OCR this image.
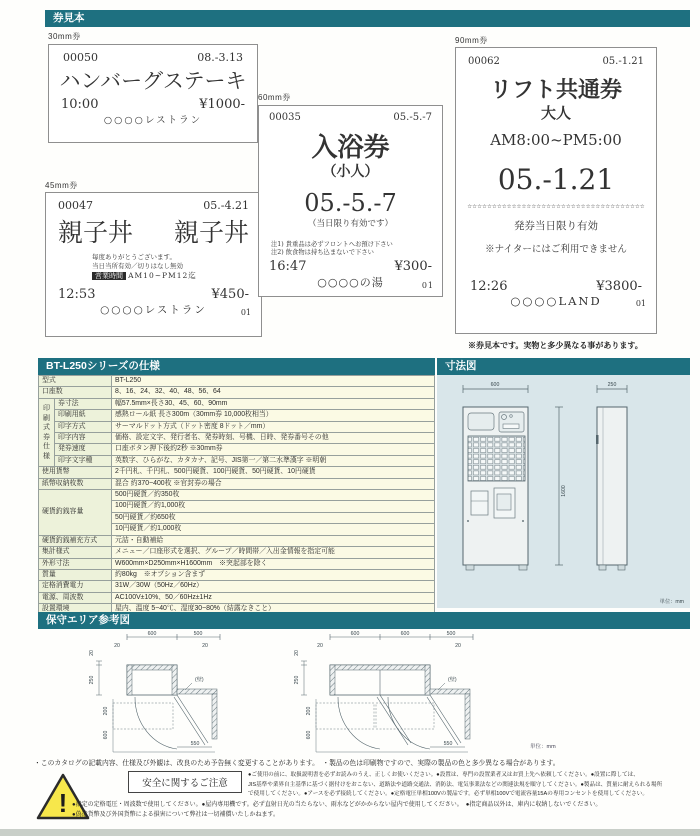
券見本
30mm券
00050	08.-3.13
ハンバーグステーキ
10:00	¥1000-
○○○○レストラン
45mm券
00047	05.-4.21
親子丼 親子丼
毎度ありがとうございます。
当日当所有効／切りはなし無効
営業時間 AM10~PM12迄
12:53	¥450-
○○○○レストラン	01
60mm券
00035	05.-5.-7
入浴券
（小人）
05.-5.-7
（当日限り有効です）
注1) 貴重品は必ずフロントへお預け下さい
注2) 飲食物は持ち込まないで下さい
16:47	¥300-
○○○○の湯	01
90mm券
00062	05.-1.21
リフト共通券
大人
AM8:00~PM5:00
05.-1.21
☆☆☆☆☆☆☆☆☆☆☆☆☆☆☆☆☆☆☆☆☆☆☆☆☆☆☆☆☆☆☆☆☆☆☆☆
発券当日限り有効
※ナイターにはご利用できません
12:26	¥3800-
○○○○LAND	01
※券見本です。実物と多少異なる事があります。
BT-L250シリーズの仕様
型式		BT-L250
口座数		8、16、24、32、40、48、56、64
印刷式券仕様	券寸法	幅57.5mm×長さ30、45、60、90mm
	印刷用紙	感熱ロール紙 長さ300m（30mm券 10,000枚相当）
	印字方式	サーマルドット方式（ドット密度 8ドット／mm）
	印字内容	価格、設定文字、発行者名、発券時刻、号機、日時、発券番号その他
	発券速度	口座ボタン押下後約2秒 ※30mm券
	印字文字種	英数字、ひらがな、カタカナ、記号、JIS第一／第二水準漢字 ※明朝
使用貨幣		2千円札、千円札、500円硬貨、100円硬貨、50円硬貨、10円硬貨
紙幣収納枚数		混合 約370~400枚 ※官封券の場合
硬貨釣銭容量		500円硬貨／約350枚
		100円硬貨／約1,000枚
		50円硬貨／約650枚
		10円硬貨／約1,000枚
硬貨釣銭補充方式		元詰・自動補給
集計様式		メニュー／口座形式を選択、グループ／時間帯／入出金情報を指定可能
外形寸法		W600mm×D250mm×H1600mm　※突起部を除く
質量		約80kg　※オプション含まず
定格消費電力		31W／30W（50Hz／60Hz）
電源、周波数		AC100V±10%、50／60Hz±1Hz
設置環境		屋内、温度 5~40℃、湿度30~80%（結露なきこと）
寸法図
600	250
1600
単位：mm
保守エリア参考図
600	500
20	20
20
250
200
600
(壁)
550
600	600	500
20	20
20
250
200
600
(壁)
550	単位：mm
・このカタログの記載内容、仕様及び外観は、改良のため予告無く変更することがあります。　・製品の色は印刷物ですので、実際の製品の色と多少異なる場合があります。
!
安全に関するご注意
●ご使用の前に、取扱説明書を必ずお読みのうえ、正しくお使いください。●設置は、専門の設置業者又はお買上先へ依頼してください。●設置に際しては、
JIS基準や業界自主基準に基づく据付けをおこない、道路法や道路交通法、消防法、電気事業法などの関連法規を順守してください。●製品は、質量に耐えられる場所
で使用してください。●アースを必ず接続してください。●定格電圧単相100Vの製品です。必ず単相100Vで電流容量15Aの専用コンセントを使用してください。
●指定の定格電圧・周波数で使用してください。●屋内専用機です。必ず直射日光の当たらない、雨水などがかからない屋内で使用してください。　●指定商品以外は、庫内に収納しないでください。
●偽造貨幣及び外国貨幣による損害について弊社は一切補償いたしかねます。
